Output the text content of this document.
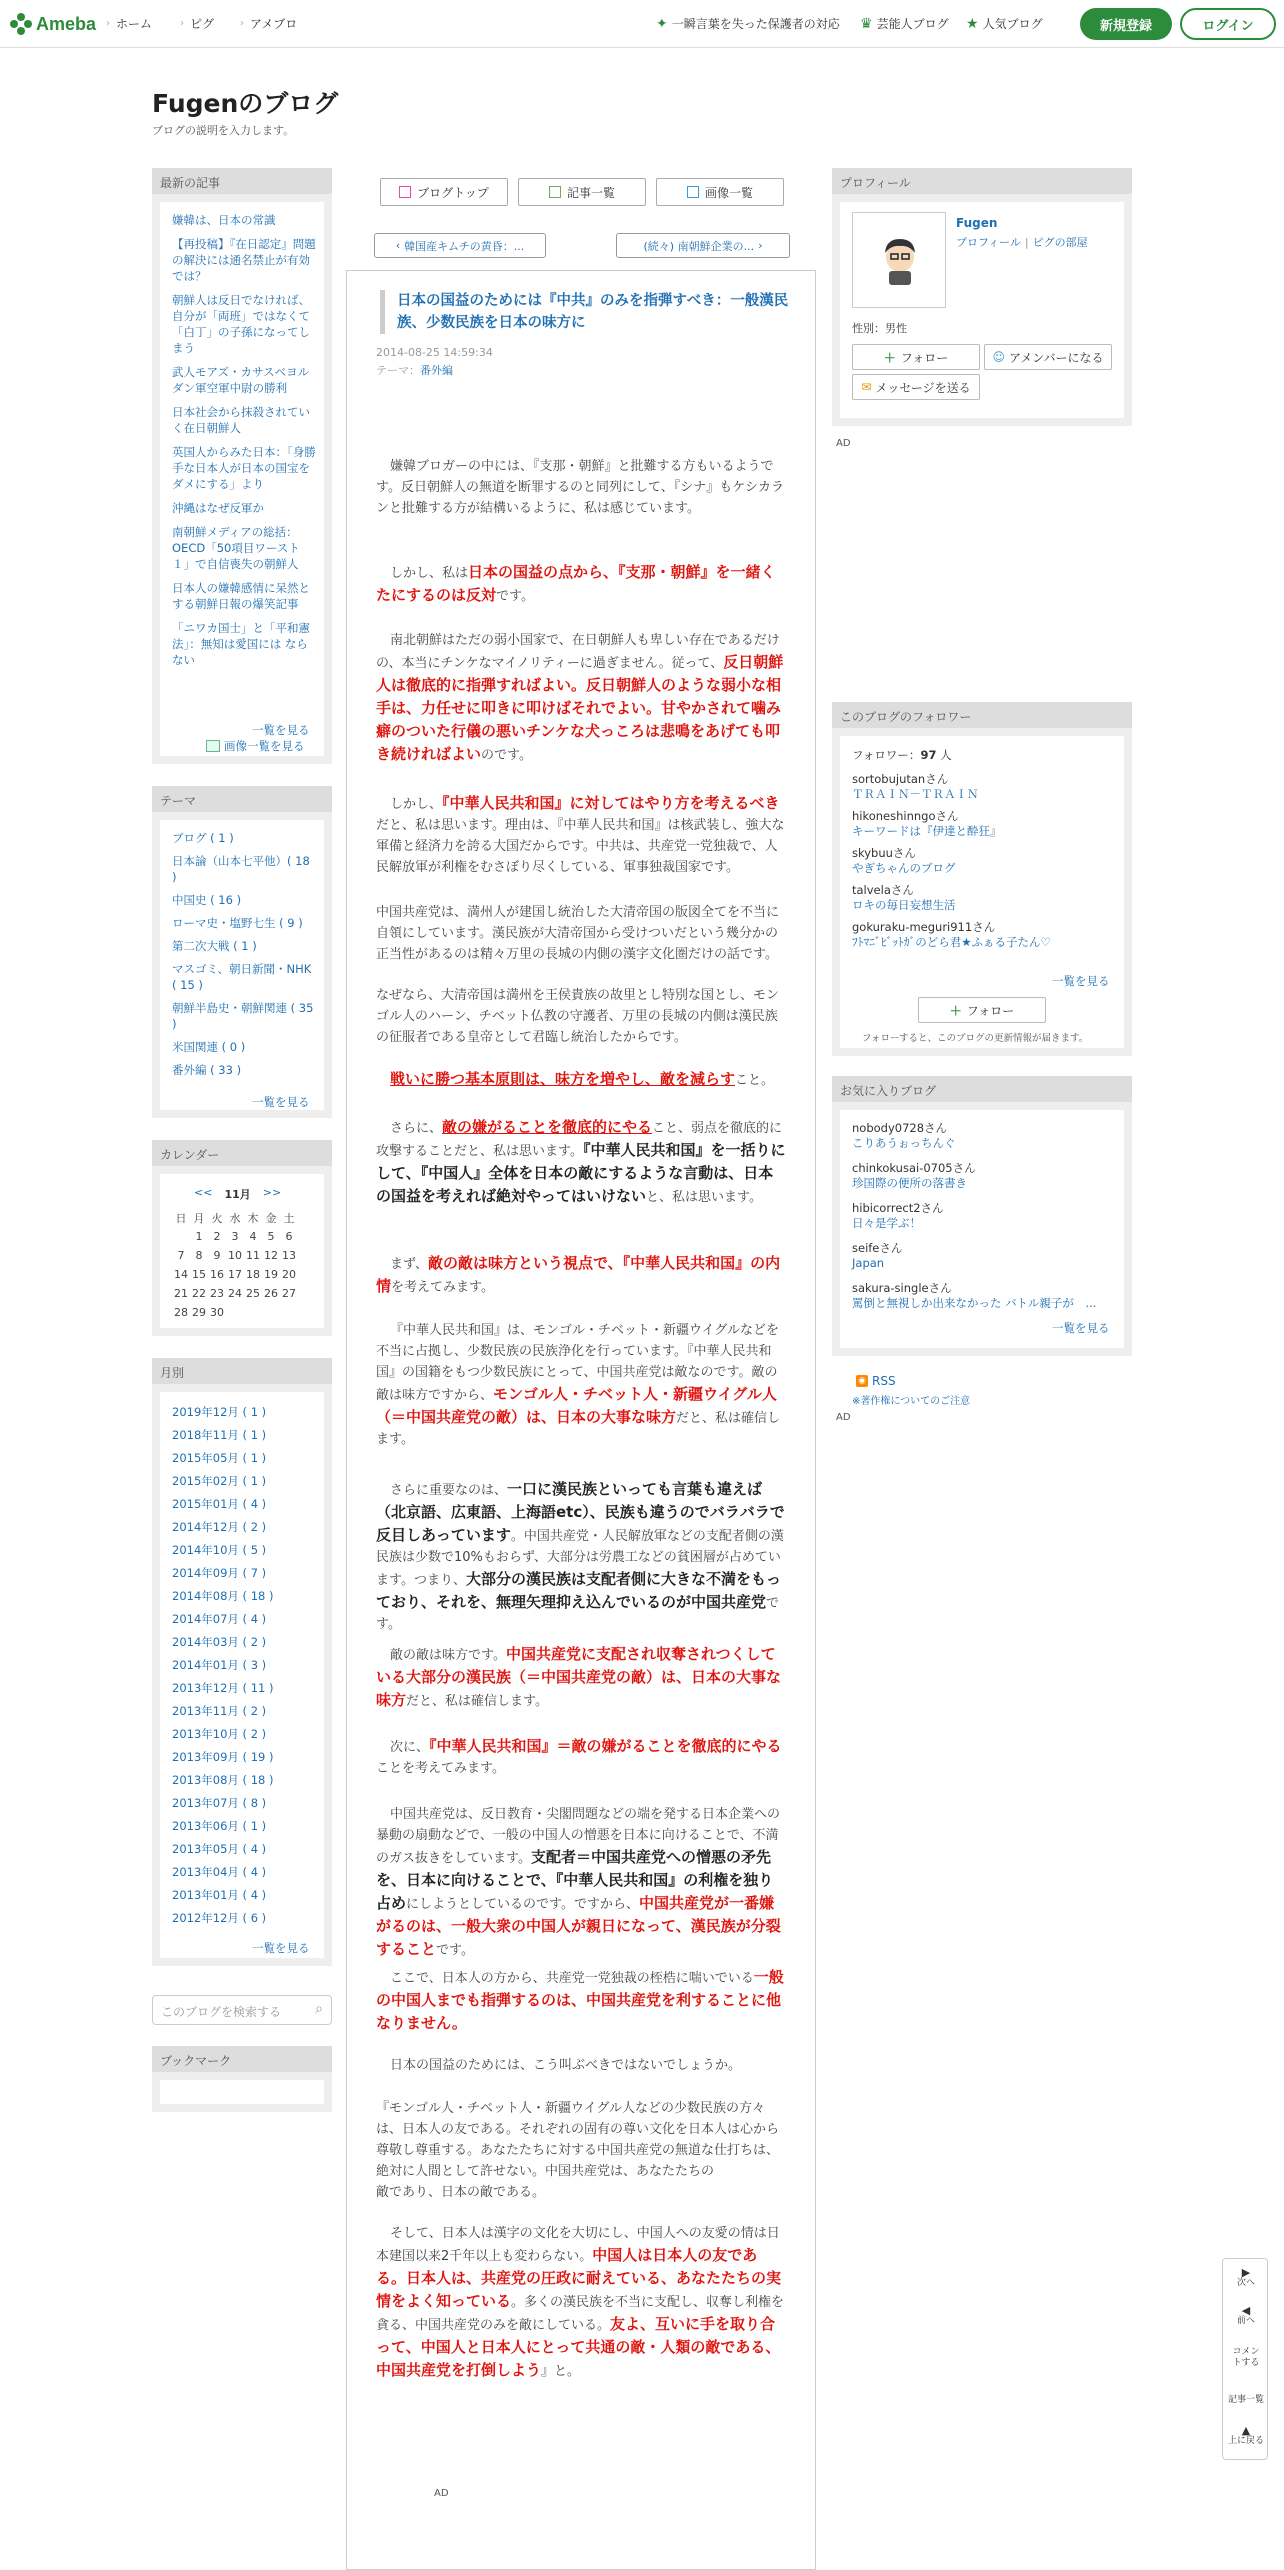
Ameba › ホーム	› ピグ	› アメブロ	✦ 一瞬言葉を失った保護者の対応 ♛ 芸能人ブログ ★ 人気ブログ	新規登録	ログイン
Fugenのブログ
ブログの説明を入力します。
最新の記事
嫌韓は、日本の常識
【再投稿】『在日認定』問題の解決には通名禁止が有効では？
朝鮮人は反日でなければ、自分が「両班」ではなくて「白丁」の子孫になってしまう
武人モアズ・カサスベヨルダン軍空軍中尉の勝利
日本社会から抹殺されていく在日朝鮮人
英国人からみた日本：「身勝手な日本人が日本の国宝をダメにする」より
沖縄はなぜ反軍か
南朝鮮メディアの総括：OECD「50項目ワースト１」で自信喪失の朝鮮人
日本人の嫌韓感情に呆然とする朝鮮日報の爆笑記事
「ニワカ国士」と「平和憲法」：無知は愛国には ならない
一覧を見る
画像一覧を見る
テーマ
ブログ ( 1 )
日本論（山本七平他）( 18 )
中国史 ( 16 )
ローマ史・塩野七生 ( 9 )
第二次大戦 ( 1 )
マスゴミ、朝日新聞・NHK ( 15 )
朝鮮半島史・朝鮮関連 ( 35 )
米国関連 ( 0 )
番外編 ( 33 )
一覧を見る
カレンダー
<< 11月 >>
日	月	火	水	木	金	土
	1	2	3	4	5	6
7	8	9	10	11	12	13
14	15	16	17	18	19	20
21	22	23	24	25	26	27
28	29	30				
月別
2019年12月 ( 1 )
2018年11月 ( 1 )
2015年05月 ( 1 )
2015年02月 ( 1 )
2015年01月 ( 4 )
2014年12月 ( 2 )
2014年10月 ( 5 )
2014年09月 ( 7 )
2014年08月 ( 18 )
2014年07月 ( 4 )
2014年03月 ( 2 )
2014年01月 ( 3 )
2013年12月 ( 11 )
2013年11月 ( 2 )
2013年10月 ( 2 )
2013年09月 ( 19 )
2013年08月 ( 18 )
2013年07月 ( 8 )
2013年06月 ( 1 )
2013年05月 ( 4 )
2013年04月 ( 4 )
2013年01月 ( 4 )
2012年12月 ( 6 )
一覧を見る
このブログを検索する ⌕
ブックマーク
ブログトップ	記事一覧	画像一覧
‹ 韓国産キムチの黄昏：...	(続々) 南朝鮮企業の... ›
日本の国益のためには『中共』のみを指弾すべき：一般漢民族、少数民族を日本の味方に
2014-08-25 14:59:34
テーマ：番外編
嫌韓ブロガーの中には、『支那・朝鮮』と批難する方もいるようです。反日朝鮮人の無道を断罪するのと同列にして、『シナ』もケシカランと批難する方が結構いるように、私は感じています。
しかし、私は日本の国益の点から、『支那・朝鮮』を一緒くたにするのは反対です。
南北朝鮮はただの弱小国家で、在日朝鮮人も卑しい存在であるだけの、本当にチンケなマイノリティーに過ぎません。従って、反日朝鮮人は徹底的に指弾すればよい。反日朝鮮人のような弱小な相手は、力任せに叩きに叩けばそれでよい。甘やかされて噛み癖のついた行儀の悪いチンケな犬っころは悲鳴をあげても叩き続ければよいのです。
しかし、『中華人民共和国』に対してはやり方を考えるべきだと、私は思います。理由は、『中華人民共和国』は核武装し、強大な軍備と経済力を誇る大国だからです。中共は、共産党一党独裁で、人民解放軍が利権をむさぼり尽くしている、軍事独裁国家です。
中国共産党は、満州人が建国し統治した大清帝国の版図全てを不当に自領にしています。漢民族が大清帝国から受けついだという幾分かの正当性があるのは精々万里の長城の内側の漢字文化圏だけの話です。
なぜなら、大清帝国は満州を王侯貴族の故里とし特別な国とし、モンゴル人のハーン、チベット仏教の守護者、万里の長城の内側は漢民族の征服者である皇帝として君臨し統治したからです。
戦いに勝つ基本原則は、味方を増やし、敵を減らすこと。
さらに、敵の嫌がることを徹底的にやること、弱点を徹底的に攻撃することだと、私は思います。『中華人民共和国』を一括りにして、『中国人』全体を日本の敵にするような言動は、日本の国益を考えれば絶対やってはいけないと、私は思います。
まず、敵の敵は味方という視点で、『中華人民共和国』の内情を考えてみます。
『中華人民共和国』は、モンゴル・チベット・新疆ウイグルなどを不当に占拠し、少数民族の民族浄化を行っています。『中華人民共和国』の国籍をもつ少数民族にとって、中国共産党は敵なのです。敵の敵は味方ですから、モンゴル人・チベット人・新疆ウイグル人（＝中国共産党の敵）は、日本の大事な味方だと、私は確信します。
さらに重要なのは、一口に漢民族といっても言葉も違えば（北京語、広東語、上海語etc）、民族も違うのでバラバラで反目しあっています。中国共産党・人民解放軍などの支配者側の漢民族は少数で10%もおらず、大部分は労農工などの貧困層が占めています。つまり、大部分の漢民族は支配者側に大きな不満をもっており、それを、無理矢理抑え込んでいるのが中国共産党です。
敵の敵は味方です。中国共産党に支配され収奪されつくしている大部分の漢民族（＝中国共産党の敵）は、日本の大事な味方だと、私は確信します。
次に、『中華人民共和国』＝敵の嫌がることを徹底的にやることを考えてみます。
中国共産党は、反日教育・尖閣問題などの端を発する日本企業への暴動の扇動などで、一般の中国人の憎悪を日本に向けることで、不満のガス抜きをしています。支配者＝中国共産党への憎悪の矛先を、日本に向けることで、『中華人民共和国』の利権を独り占めにしようとしているのです。ですから、中国共産党が一番嫌がるのは、一般大衆の中国人が親日になって、漢民族が分裂することです。
ここで、日本人の方から、共産党一党独裁の桎梏に喘いでいる一般の中国人までも指弾するのは、中国共産党を利することに他なりません。
日本の国益のためには、こう叫ぶべきではないでしょうか。
『モンゴル人・チベット人・新疆ウイグル人などの少数民族の方々は、日本人の友である。それぞれの固有の尊い文化を日本人は心から尊敬し尊重する。あなたたちに対する中国共産党の無道な仕打ちは、絶対に人間として許せない。中国共産党は、あなたたちの
敵であり、日本の敵である。
そして、日本人は漢字の文化を大切にし、中国人への友愛の情は日本建国以来2千年以上も変わらない。中国人は日本人の友である。日本人は、共産党の圧政に耐えている、あなたたちの実情をよく知っている。多くの漢民族を不当に支配し、収奪し利権を貪る、中国共産党のみを敵にしている。友よ、互いに手を取り合って、中国人と日本人にとって共通の敵・人類の敵である、中国共産党を打倒しよう』と。
AD
プロフィール
Fugen
プロフィール | ピグの部屋
性別：男性
＋ フォロー	☺ アメンバーになる
✉ メッセージを送る
AD
このブログのフォロワー
フォロワー：97 人
sortobujutanさん
ＴＲＡＩＮ－ＴＲＡＩＮ
hikoneshinngoさん
キーワードは『伊達と酔狂』
skybuuさん
やぎちゃんのブログ
talvelaさん
ロキの毎日妄想生活
gokuraku-meguri911さん
ﾌﾄﾏﾆﾞﾋﾞｯﾄｶﾞのどら君★ふぁる子たん♡
一覧を見る
＋ フォロー
フォローすると、このブログの更新情報が届きます。
お気に入りブログ
nobody0728さん
こりあうぉっちんぐ
chinkokusai-0705さん
珍国際の便所の落書き
hibicorrect2さん
日々是学ぶ！
seifeさん
Japan
sakura-singleさん
罵倒と無視しか出来なかった バトル親子が　...
一覧を見る
◉ RSS
※著作権についてのご注意
AD
▶
次へ
◀
前へ
コメントする
記事一覧
▲
上に戻る
